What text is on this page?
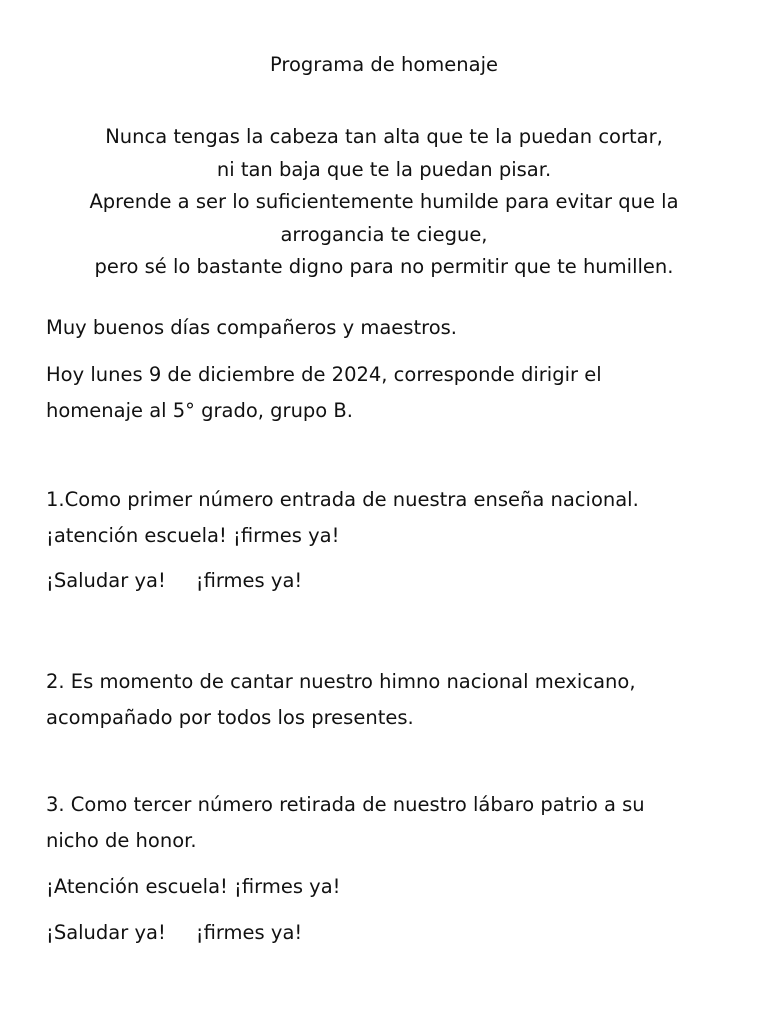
Programa de homenaje
Nunca tengas la cabeza tan alta que te la puedan cortar,
ni tan baja que te la puedan pisar.
Aprende a ser lo suficientemente humilde para evitar que la
arrogancia te ciegue,
pero sé lo bastante digno para no permitir que te humillen.
Muy buenos días compañeros y maestros.
Hoy lunes 9 de diciembre de 2024, corresponde dirigir el
homenaje al 5° grado, grupo B.
1.Como primer número entrada de nuestra enseña nacional.
¡atención escuela! ¡firmes ya!
¡Saludar ya! ¡firmes ya!
2. Es momento de cantar nuestro himno nacional mexicano,
acompañado por todos los presentes.
3. Como tercer número retirada de nuestro lábaro patrio a su
nicho de honor.
¡Atención escuela! ¡firmes ya!
¡Saludar ya! ¡firmes ya!
